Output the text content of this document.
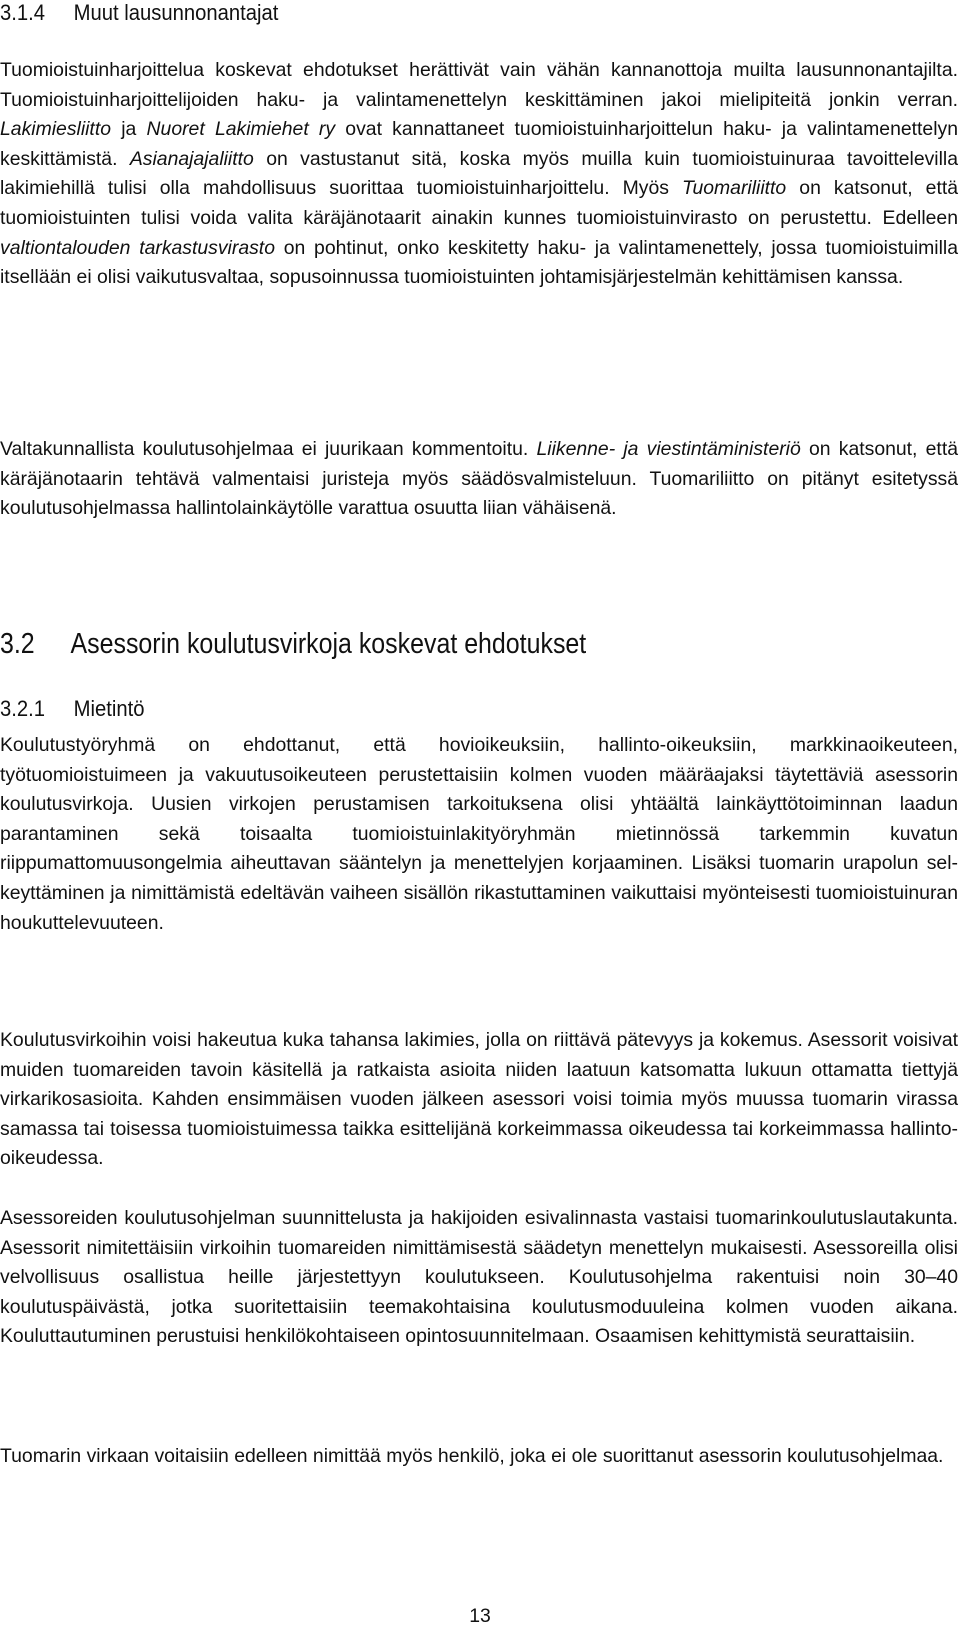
3.1.4 Muut lausunnonantajat

Tuomioistuinharjoittelua koskevat ehdotukset herättivät vain vähän kannanottoja muilta lausunnonantajilta. Tuomioistuinharjoittelijoiden haku- ja valintamenettelyn keskittäminen jakoi mielipiteitä jonkin verran. Lakimiesliitto ja Nuoret Lakimiehet ry ovat kannattaneet tuomioistuinharjoittelun haku- ja valintamenettelyn keskittämistä. Asianajajaliitto on vastustanut sitä, koska myös muilla kuin tuomioistuinuraa tavoittelevilla lakimiehillä tulisi olla mahdollisuus suorittaa tuomioistuinharjoittelu. Myös Tuomariliitto on katsonut, että tuomioistuinten tulisi voida valita käräjänotaarit ainakin kunnes tuomioistuinvirasto on perustettu. Edelleen valtiontalouden tarkastusvirasto on pohtinut, onko keskitetty haku- ja valintamenettely, jossa tuomioistuimilla itsellään ei olisi vaikutusvaltaa, sopusoinnussa tuomioistuinten johtamisjärjestelmän kehittämisen kanssa.

Valtakunnallista koulutusohjelmaa ei juurikaan kommentoitu. Liikenne- ja viestintäministeriö on katsonut, että käräjänotaarin tehtävä valmentaisi juristeja myös säädösvalmisteluun. Tuomariliitto on pitänyt esitetyssä koulutusohjelmassa hallintolainkäytölle varattua osuutta liian vähäisenä.

3.2 Asessorin koulutusvirkoja koskevat ehdotukset
3.2.1 Mietintö

Koulutustyöryhmä on ehdottanut, että hovioikeuksiin, hallinto-oikeuksiin, markkinaoikeuteen, työtuomioistuimeen ja vakuutusoikeuteen perustettaisiin kolmen vuoden määräajaksi täytettäviä asessorin koulutusvirkoja. Uusien virkojen perustamisen tarkoituksena olisi yhtäältä lainkäyttötoiminnan laadun parantaminen sekä toisaalta tuomioistuinlakityöryhmän mietinnössä tarkemmin kuvatun riippumattomuusongelmia aiheuttavan sääntelyn ja menettelyjen korjaaminen. Lisäksi tuomarin urapolun selkeyttäminen ja nimittämistä edeltävän vaiheen sisällön rikastuttaminen vaikuttaisi myönteisesti tuomioistuinuran houkuttelevuuteen.

Koulutusvirkoihin voisi hakeutua kuka tahansa lakimies, jolla on riittävä pätevyys ja kokemus. Asessorit voisivat muiden tuomareiden tavoin käsitellä ja ratkaista asioita niiden laatuun katsomatta lukuun ottamatta tiettyjä virkarikosasioita. Kahden ensimmäisen vuoden jälkeen asessori voisi toimia myös muussa tuomarin virassa samassa tai toisessa tuomioistuimessa taikka esittelijänä korkeimmassa oikeudessa tai korkeimmassa hallinto-oikeudessa.

Asessoreiden koulutusohjelman suunnittelusta ja hakijoiden esivalinnasta vastaisi tuomarinkoulutuslautakunta. Asessorit nimitettäisiin virkoihin tuomareiden nimittämisestä säädetyn menettelyn mukaisesti. Asessoreilla olisi velvollisuus osallistua heille järjestettyyn koulutukseen. Koulutusohjelma rakentuisi noin 30–40 koulutuspäivästä, jotka suoritettaisiin teemakohtaisina koulutusmoduuleina kolmen vuoden aikana. Kouluttautuminen perustuisi henkilökohtaiseen opintosuunnitelmaan. Osaamisen kehittymistä seurattaisiin.

Tuomarin virkaan voitaisiin edelleen nimittää myös henkilö, joka ei ole suorittanut asessorin koulutusohjelmaa.

13
